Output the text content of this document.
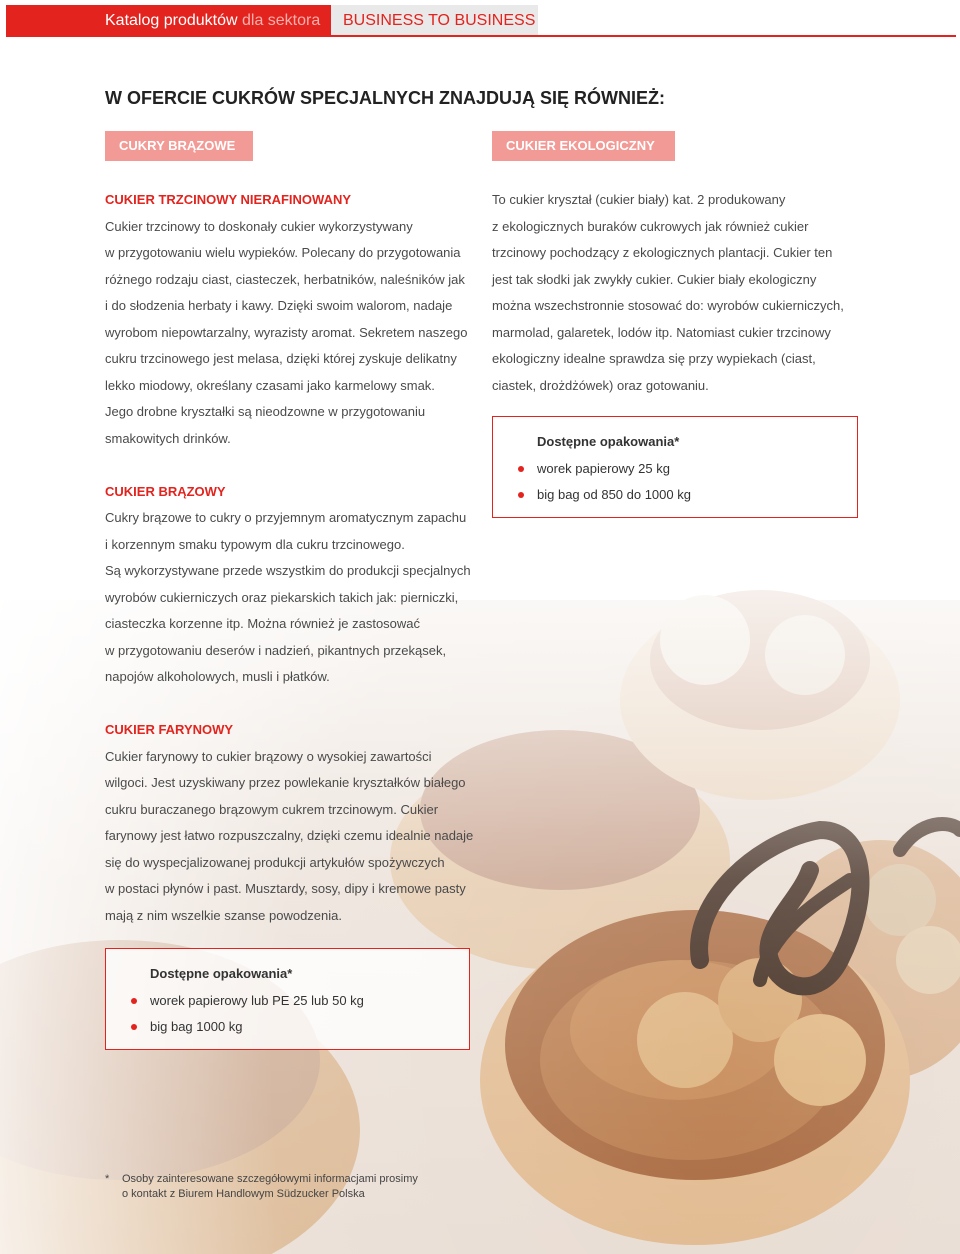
Katalog produktów dla sektora	BUSINESS TO BUSINESS
W OFERCIE CUKRÓW SPECJALNYCH ZNAJDUJĄ SIĘ RÓWNIEŻ:
CUKRY BRĄZOWE	CUKIER EKOLOGICZNY

CUKIER TRZCINOWY NIERAFINOWANY

Cukier trzcinowy to doskonały cukier wykorzystywany

w przygotowaniu wielu wypieków. Polecany do przygotowania

różnego rodzaju ciast, ciasteczek, herbatników, naleśników jak

i do słodzenia herbaty i kawy. Dzięki swoim walorom, nadaje

wyrobom niepowtarzalny, wyrazisty aromat. Sekretem naszego

cukru trzcinowego jest melasa, dzięki której zyskuje delikatny

lekko miodowy, określany czasami jako karmelowy smak.

Jego drobne kryształki są nieodzowne w przygotowaniu

smakowitych drinków.

CUKIER BRĄZOWY

Cukry brązowe to cukry o przyjemnym aromatycznym zapachu

i korzennym smaku typowym dla cukru trzcinowego.

Są wykorzystywane przede wszystkim do produkcji specjalnych

wyrobów cukierniczych oraz piekarskich takich jak: pierniczki,

ciasteczka korzenne itp. Można również je zastosować

w przygotowaniu deserów i nadzień, pikantnych przekąsek,

napojów alkoholowych, musli i płatków.

CUKIER FARYNOWY

Cukier farynowy to cukier brązowy o wysokiej zawartości

wilgoci. Jest uzyskiwany przez powlekanie kryształków białego

cukru buraczanego brązowym cukrem trzcinowym. Cukier

farynowy jest łatwo rozpuszczalny, dzięki czemu idealnie nadaje

się do wyspecjalizowanej produkcji artykułów spożywczych

w postaci płynów i past. Musztardy, sosy, dipy i kremowe pasty

mają z nim wszelkie szanse powodzenia.

To cukier kryształ (cukier biały) kat. 2 produkowany

z ekologicznych buraków cukrowych jak również cukier

trzcinowy pochodzący z ekologicznych plantacji. Cukier ten

jest tak słodki jak zwykły cukier. Cukier biały ekologiczny

można wszechstronnie stosować do: wyrobów cukierniczych,

marmolad, galaretek, lodów itp. Natomiast cukier trzcinowy

ekologiczny idealne sprawdza się przy wypiekach (ciast,

ciastek, drożdżówek) oraz gotowaniu.

Dostępne opakowania*
worek papierowy 25 kg
big bag od 850 do 1000 kg
Dostępne opakowania*
worek papierowy lub PE 25 lub 50 kg
big bag 1000 kg
* Osoby zainteresowane szczegółowymi informacjami prosimy
o kontakt z Biurem Handlowym Südzucker Polska
